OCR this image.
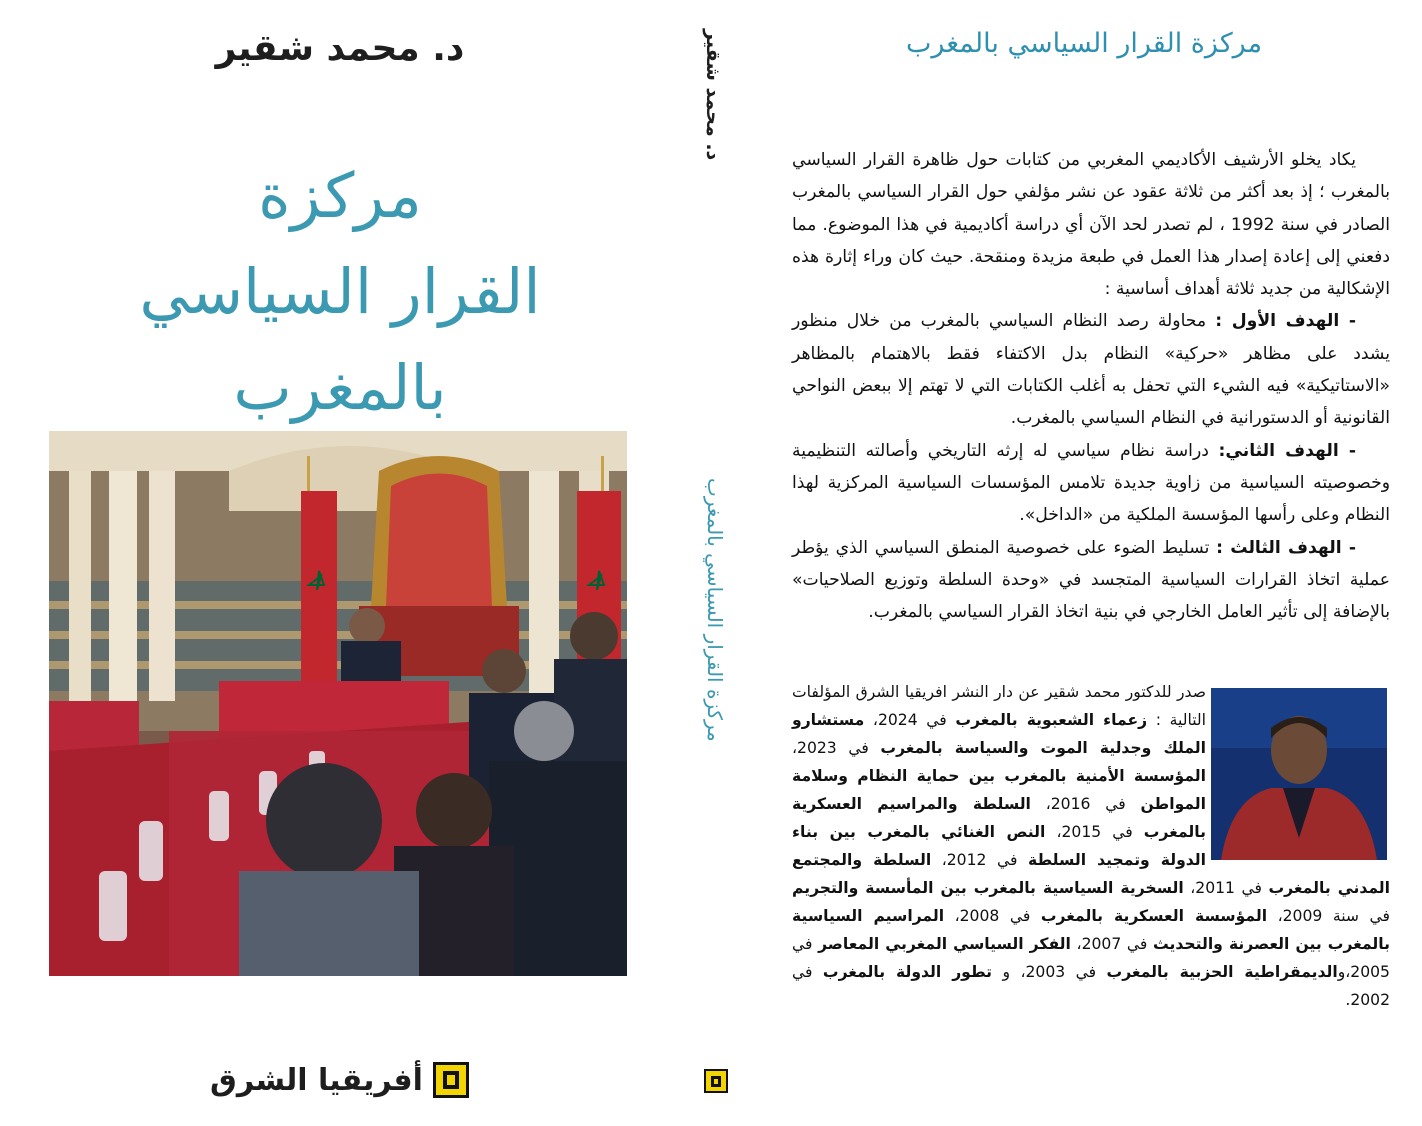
د. محمد شقير
مركزة
القرار السياسي
بالمغرب
أفريقيا الشرق
د. محمد شقير
مركزة القرار السياسي بالمغرب
مركزة القرار السياسي بالمغرب

يكاد يخلو الأرشيف الأكاديمي المغربي من كتابات حول ظاهرة القرار السياسي بالمغرب ؛ إذ بعد أكثر من ثلاثة عقود عن نشر مؤلفي حول القرار السياسي بالمغرب الصادر في سنة 1992 ، لم تصدر لحد الآن أي دراسة أكاديمية في هذا الموضوع. مما دفعني إلى إعادة إصدار هذا العمل في طبعة مزيدة ومنقحة. حيث كان وراء إثارة هذه الإشكالية من جديد ثلاثة أهداف أساسية :

- الهدف الأول : محاولة رصد النظام السياسي بالمغرب من خلال منظور يشدد على مظاهر «حركية» النظام بدل الاكتفاء فقط بالاهتمام بالمظاهر «الاستاتيكية» فيه الشيء التي تحفل به أغلب الكتابات التي لا تهتم إلا ببعض النواحي القانونية أو الدستورانية في النظام السياسي بالمغرب.

- الهدف الثاني: دراسة نظام سياسي له إرثه التاريخي وأصالته التنظيمية وخصوصيته السياسية من زاوية جديدة تلامس المؤسسات السياسية المركزية لهذا النظام وعلى رأسها المؤسسة الملكية من «الداخل».

- الهدف الثالث : تسليط الضوء على خصوصية المنطق السياسي الذي يؤطر عملية اتخاذ القرارات السياسية المتجسد في «وحدة السلطة وتوزيع الصلاحيات» بالإضافة إلى تأثير العامل الخارجي في بنية اتخاذ القرار السياسي بالمغرب.

صدر للدكتور محمد شقير عن دار النشر افريقيا الشرق المؤلفات التالية : زعماء الشعبوية بالمغرب في 2024، مستشارو الملك وجدلية الموت والسياسة بالمغرب في 2023، المؤسسة الأمنية بالمغرب بين حماية النظام وسلامة المواطن في 2016، السلطة والمراسيم العسكرية بالمغرب في 2015، النص الغنائي بالمغرب بين بناء الدولة وتمجيد السلطة في 2012، السلطة والمجتمع المدني بالمغرب في 2011، السخرية السياسية بالمغرب بين المأسسة والتجريم في سنة 2009، المؤسسة العسكرية بالمغرب في 2008، المراسيم السياسية بالمغرب بين العصرنة والتحديث في 2007، الفكر السياسي المغربي المعاصر في 2005،والديمقراطية الحزبية بالمغرب في 2003، و تطور الدولة بالمغرب في 2002.
